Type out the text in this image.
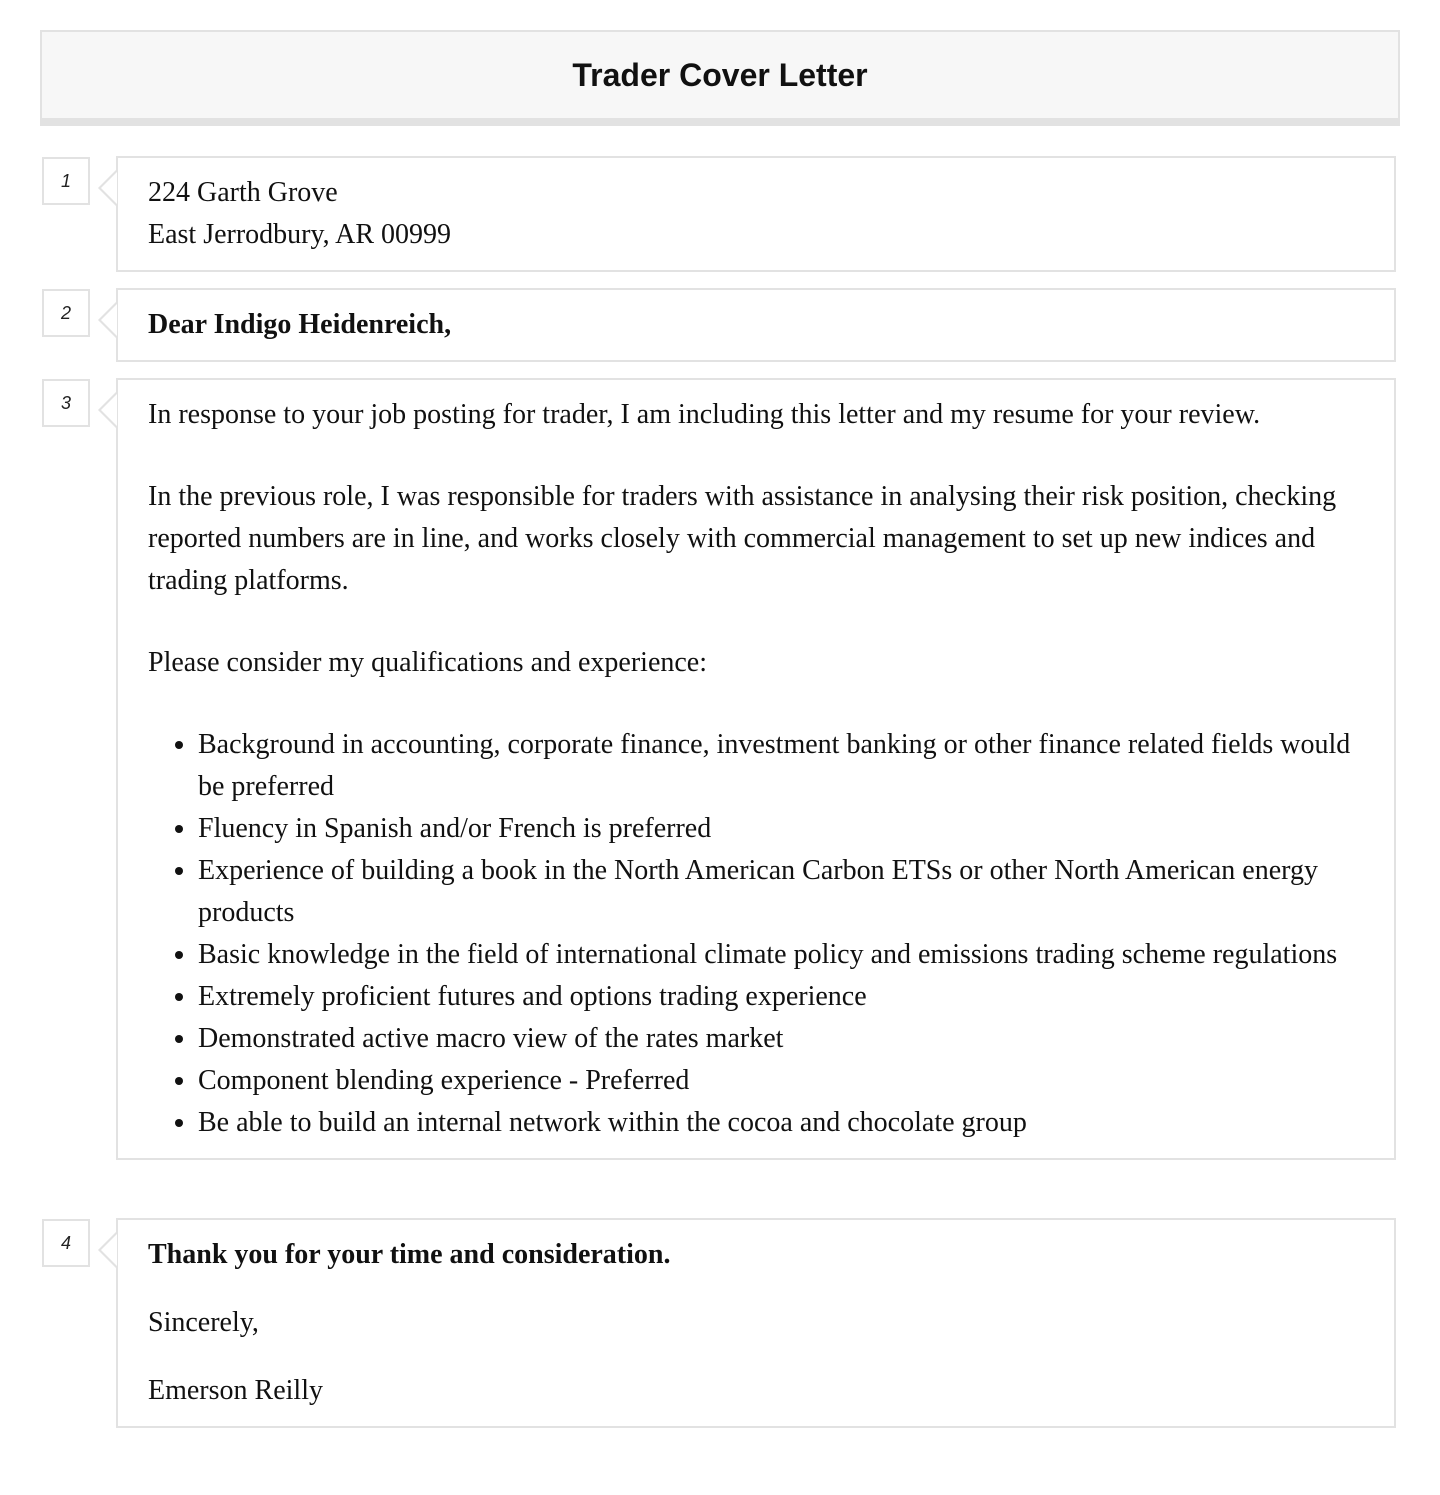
Trader Cover Letter
1	224 Garth Grove
East Jerrodbury, AR 00999
2	Dear Indigo Heidenreich,
3	In response to your job posting for trader, I am including this letter and my resume for your review.

In the previous role, I was responsible for traders with assistance in analysing their risk position, checking reported numbers are in line, and works closely with commercial management to set up new indices and trading platforms.

Please consider my qualifications and experience:

• Background in accounting, corporate finance, investment banking or other finance related fields would be preferred
• Fluency in Spanish and/or French is preferred
• Experience of building a book in the North American Carbon ETSs or other North American energy products
• Basic knowledge in the field of international climate policy and emissions trading scheme regulations
• Extremely proficient futures and options trading experience
• Demonstrated active macro view of the rates market
• Component blending experience - Preferred
• Be able to build an internal network within the cocoa and chocolate group
4	Thank you for your time and consideration.

Sincerely,

Emerson Reilly
